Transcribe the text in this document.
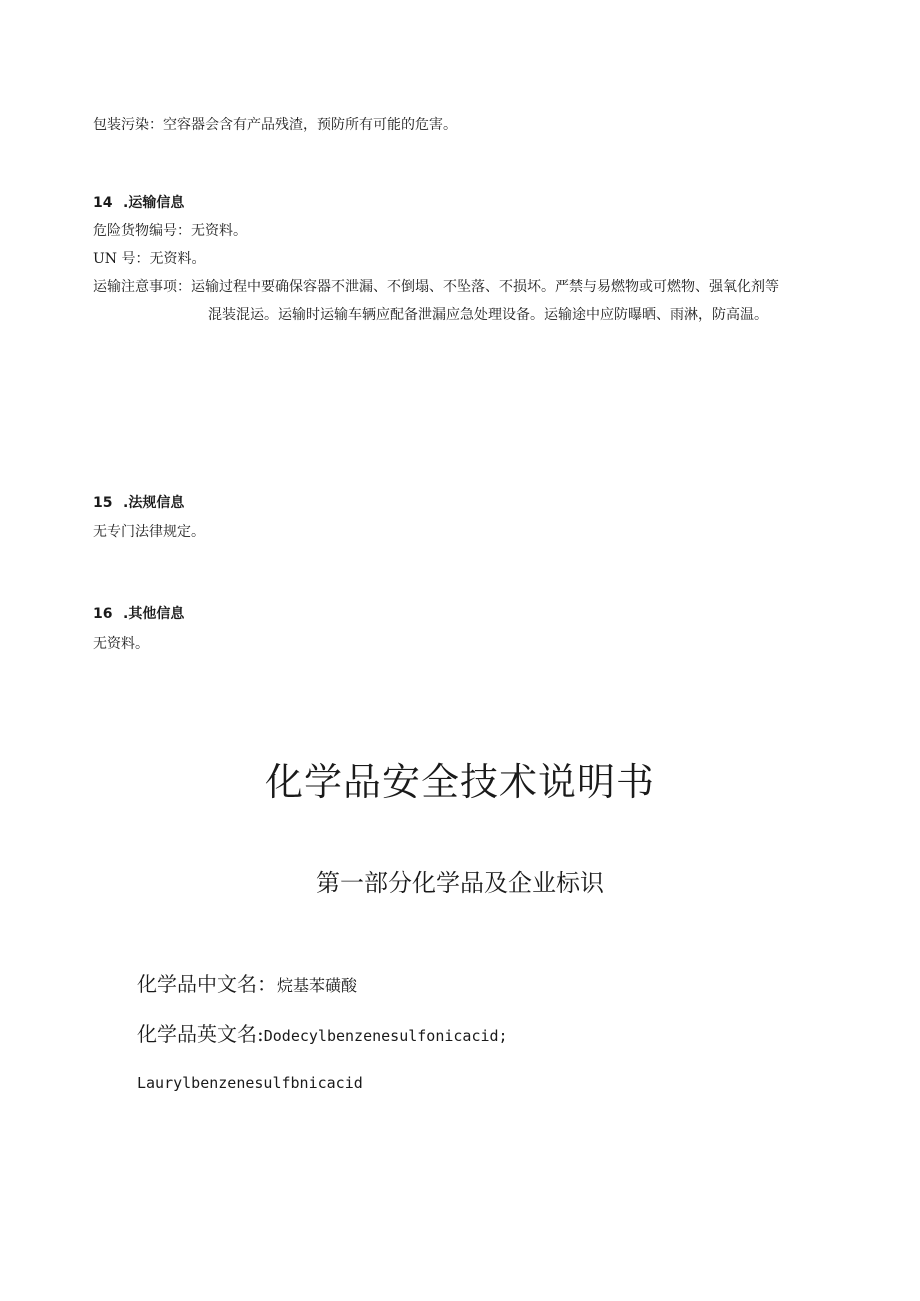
包装污染：空容器会含有产品残渣，预防所有可能的危害。
14 .运输信息
危险货物编号：无资料。
UN 号：无资料。
运输注意事项：运输过程中要确保容器不泄漏、不倒塌、不坠落、不损坏。严禁与易燃物或可燃物、强氧化剂等
混装混运。运输时运输车辆应配备泄漏应急处理设备。运输途中应防曝晒、雨淋，防高温。
15 .法规信息
无专门法律规定。
16 .其他信息
无资料。
化学品安全技术说明书
第一部分化学品及企业标识
化学品中文名：烷基苯磺酸
化学品英文名:Dodecylbenzenesulfonicacid;
Laurylbenzenesulfbnicacid
